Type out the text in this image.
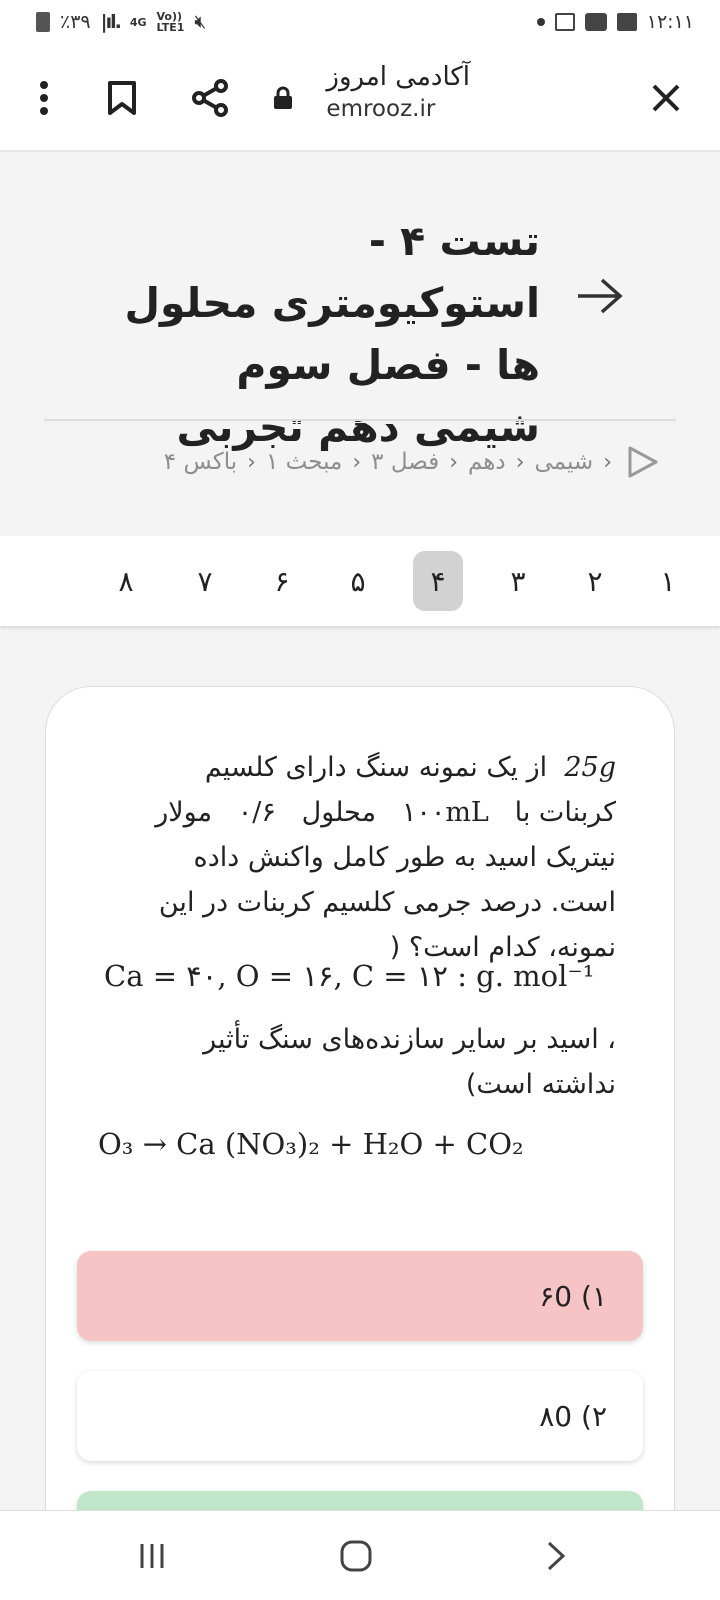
٪۳۹ |ıl. 4G Vo))
LTE1 🔇︎	۱۲:۱۱
آکادمی امروز
emrooz.ir
تست ۴ - استوکیومتری محلول ها - فصل سوم شیمی دهم تجربی
‹
شیمی
‹
دهم
‹
فصل ۳
‹
مبحث ۱
‹
باکس ۴
۱
۲
۳
۴
۵
۶
۷
۸
25g  از یک نمونه سنگ دارای کلسیم
کربنات با   ۱۰۰mL   محلول   ۰/۶   مولار
نیتریک اسید به طور کامل واکنش داده
است. درصد جرمی کلسیم کربنات در این
نمونه، کدام است؟ (
Ca = ۴۰, O = ۱۶, C = ۱۲ : g. mol⁻¹
، اسید بر سایر سازنده‌های سنگ تأثیر
نداشته است)
O₃ → Ca (NO₃)₂ + H₂O + CO₂
۱) ۶0
۲) ۸0
